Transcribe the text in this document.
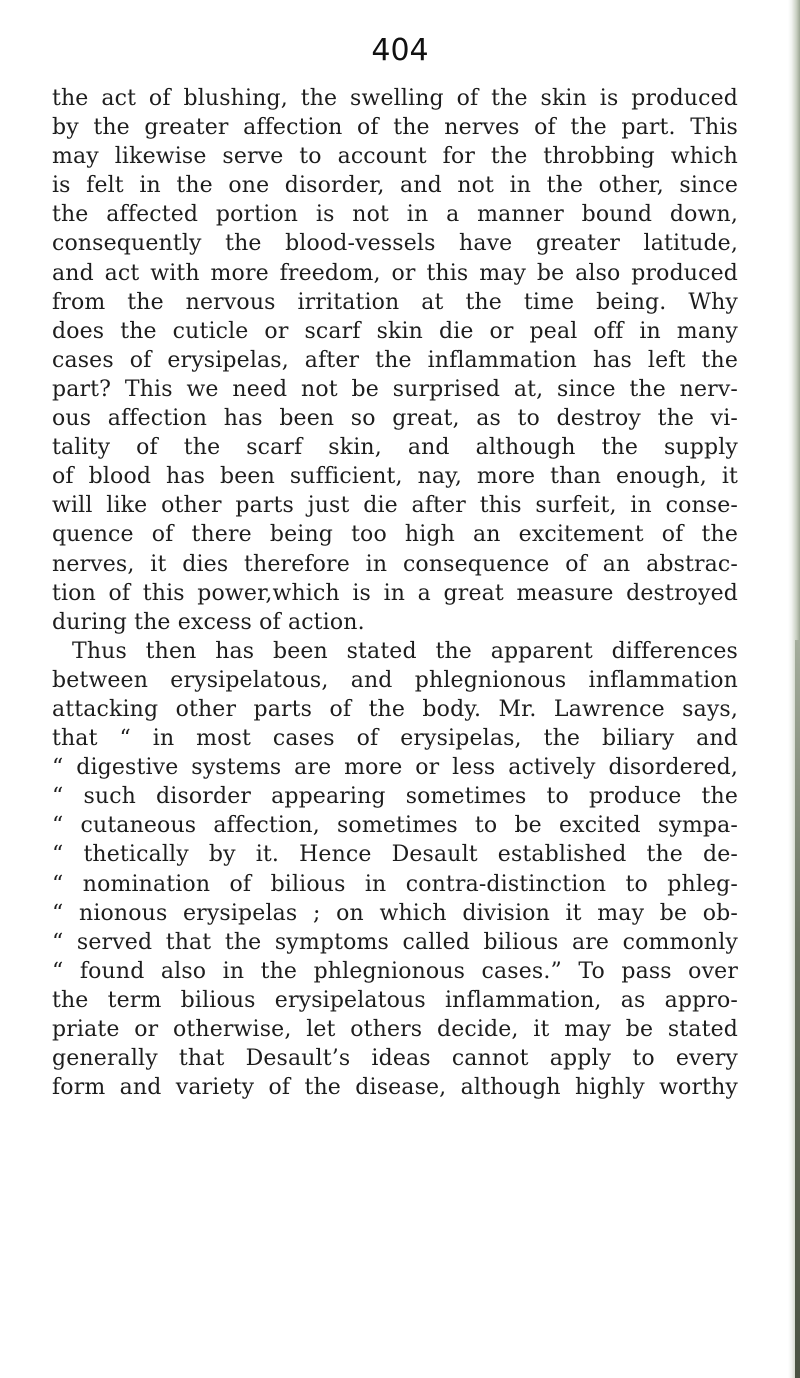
404
the act of blushing, the swelling of the skin is produced
by the greater affection of the nerves of the part. This
may likewise serve to account for the throbbing which
is felt in the one disorder, and not in the other, since
the affected portion is not in a manner bound down,
consequently the blood-vessels have greater latitude,
and act with more freedom, or this may be also produced
from the nervous irritation at the time being. Why
does the cuticle or scarf skin die or peal off in many
cases of erysipelas, after the inflammation has left the
part? This we need not be surprised at, since the nerv-
ous affection has been so great, as to destroy the vi-
tality of the scarf skin, and although the supply
of blood has been sufficient, nay, more than enough, it
will like other parts just die after this surfeit, in conse-
quence of there being too high an excitement of the
nerves, it dies therefore in consequence of an abstrac-
tion of this power,which is in a great measure destroyed
during the excess of action.
Thus then has been stated the apparent differences
between erysipelatous, and phlegnionous inflammation
attacking other parts of the body. Mr. Lawrence says,
that “ in most cases of erysipelas, the biliary and
“ digestive systems are more or less actively disordered,
“ such disorder appearing sometimes to produce the
“ cutaneous affection, sometimes to be excited sympa-
“ thetically by it. Hence Desault established the de-
“ nomination of bilious in contra-distinction to phleg-
“ nionous erysipelas ; on which division it may be ob-
“ served that the symptoms called bilious are commonly
“ found also in the phlegnionous cases.” To pass over
the term bilious erysipelatous inflammation, as appro-
priate or otherwise, let others decide, it may be stated
generally that Desault’s ideas cannot apply to every
form and variety of the disease, although highly worthy
